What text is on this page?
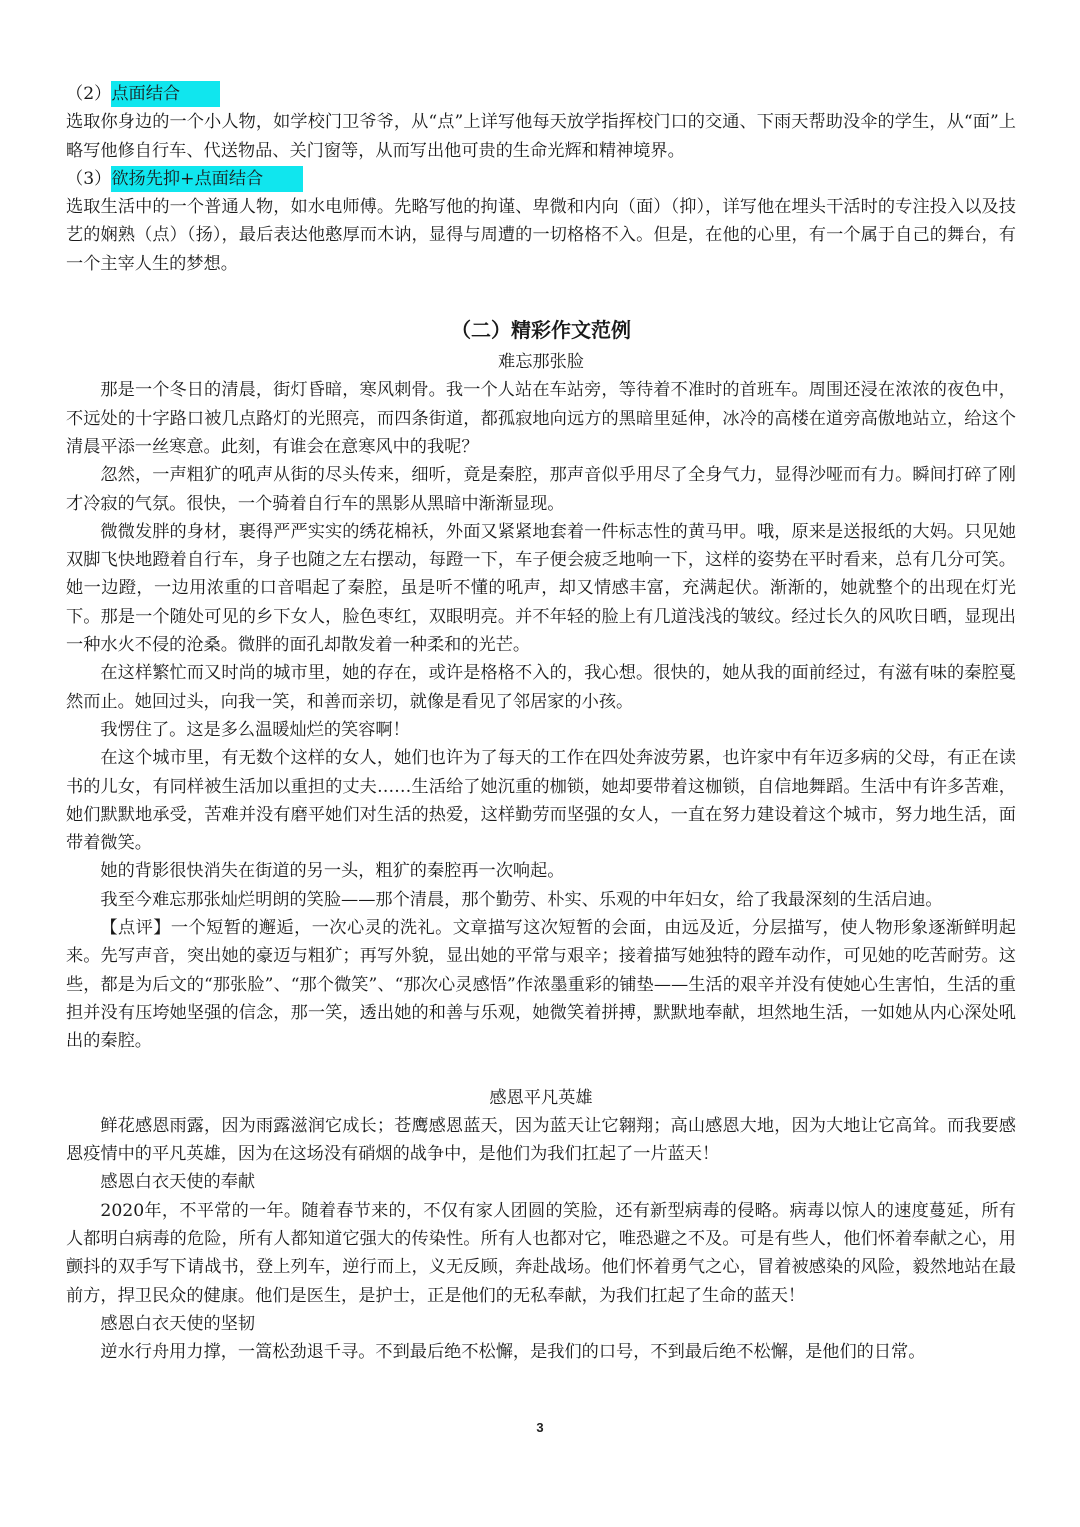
（2）点面结合

选取你身边的一个小人物，如学校门卫爷爷，从“点”上详写他每天放学指挥校门口的交通、下雨天帮助没伞的学生，从“面”上略写他修自行车、代送物品、关门窗等，从而写出他可贵的生命光辉和精神境界。

（3）欲扬先抑+点面结合

选取生活中的一个普通人物，如水电师傅。先略写他的拘谨、卑微和内向（面）（抑），详写他在埋头干活时的专注投入以及技艺的娴熟（点）（扬），最后表达他憨厚而木讷，显得与周遭的一切格格不入。但是，在他的心里，有一个属于自己的舞台，有一个主宰人生的梦想。

（二）精彩作文范例

难忘那张脸

那是一个冬日的清晨，街灯昏暗，寒风刺骨。我一个人站在车站旁，等待着不准时的首班车。周围还浸在浓浓的夜色中，不远处的十字路口被几点路灯的光照亮，而四条街道，都孤寂地向远方的黑暗里延伸，冰冷的高楼在道旁高傲地站立，给这个清晨平添一丝寒意。此刻，有谁会在意寒风中的我呢？

忽然，一声粗犷的吼声从街的尽头传来，细听，竟是秦腔，那声音似乎用尽了全身气力，显得沙哑而有力。瞬间打碎了刚才冷寂的气氛。很快，一个骑着自行车的黑影从黑暗中渐渐显现。

微微发胖的身材，裹得严严实实的绣花棉袄，外面又紧紧地套着一件标志性的黄马甲。哦，原来是送报纸的大妈。只见她双脚飞快地蹬着自行车，身子也随之左右摆动，每蹬一下，车子便会疲乏地响一下，这样的姿势在平时看来，总有几分可笑。她一边蹬，一边用浓重的口音唱起了秦腔，虽是听不懂的吼声，却又情感丰富，充满起伏。渐渐的，她就整个的出现在灯光下。那是一个随处可见的乡下女人，脸色枣红，双眼明亮。并不年轻的脸上有几道浅浅的皱纹。经过长久的风吹日晒，显现出一种水火不侵的沧桑。微胖的面孔却散发着一种柔和的光芒。

在这样繁忙而又时尚的城市里，她的存在，或许是格格不入的，我心想。很快的，她从我的面前经过，有滋有味的秦腔戛然而止。她回过头，向我一笑，和善而亲切，就像是看见了邻居家的小孩。

我愣住了。这是多么温暖灿烂的笑容啊！

在这个城市里，有无数个这样的女人，她们也许为了每天的工作在四处奔波劳累，也许家中有年迈多病的父母，有正在读书的儿女，有同样被生活加以重担的丈夫……生活给了她沉重的枷锁，她却要带着这枷锁，自信地舞蹈。生活中有许多苦难，她们默默地承受，苦难并没有磨平她们对生活的热爱，这样勤劳而坚强的女人，一直在努力建设着这个城市，努力地生活，面带着微笑。

她的背影很快消失在街道的另一头，粗犷的秦腔再一次响起。

我至今难忘那张灿烂明朗的笑脸——那个清晨，那个勤劳、朴实、乐观的中年妇女，给了我最深刻的生活启迪。

【点评】一个短暂的邂逅，一次心灵的洗礼。文章描写这次短暂的会面，由远及近，分层描写，使人物形象逐渐鲜明起来。先写声音，突出她的豪迈与粗犷；再写外貌，显出她的平常与艰辛；接着描写她独特的蹬车动作，可见她的吃苦耐劳。这些，都是为后文的“那张脸”、“那个微笑”、“那次心灵感悟”作浓墨重彩的铺垫——生活的艰辛并没有使她心生害怕，生活的重担并没有压垮她坚强的信念，那一笑，透出她的和善与乐观，她微笑着拼搏，默默地奉献，坦然地生活，一如她从内心深处吼出的秦腔。

感恩平凡英雄

鲜花感恩雨露，因为雨露滋润它成长；苍鹰感恩蓝天，因为蓝天让它翱翔；高山感恩大地，因为大地让它高耸。而我要感恩疫情中的平凡英雄，因为在这场没有硝烟的战争中，是他们为我们扛起了一片蓝天！

感恩白衣天使的奉献

2020年，不平常的一年。随着春节来的，不仅有家人团圆的笑脸，还有新型病毒的侵略。病毒以惊人的速度蔓延，所有人都明白病毒的危险，所有人都知道它强大的传染性。所有人也都对它，唯恐避之不及。可是有些人，他们怀着奉献之心，用颤抖的双手写下请战书，登上列车，逆行而上，义无反顾，奔赴战场。他们怀着勇气之心，冒着被感染的风险，毅然地站在最前方，捍卫民众的健康。他们是医生，是护士，正是他们的无私奉献，为我们扛起了生命的蓝天！

感恩白衣天使的坚韧

逆水行舟用力撑，一篙松劲退千寻。不到最后绝不松懈，是我们的口号，不到最后绝不松懈，是他们的日常。

3
